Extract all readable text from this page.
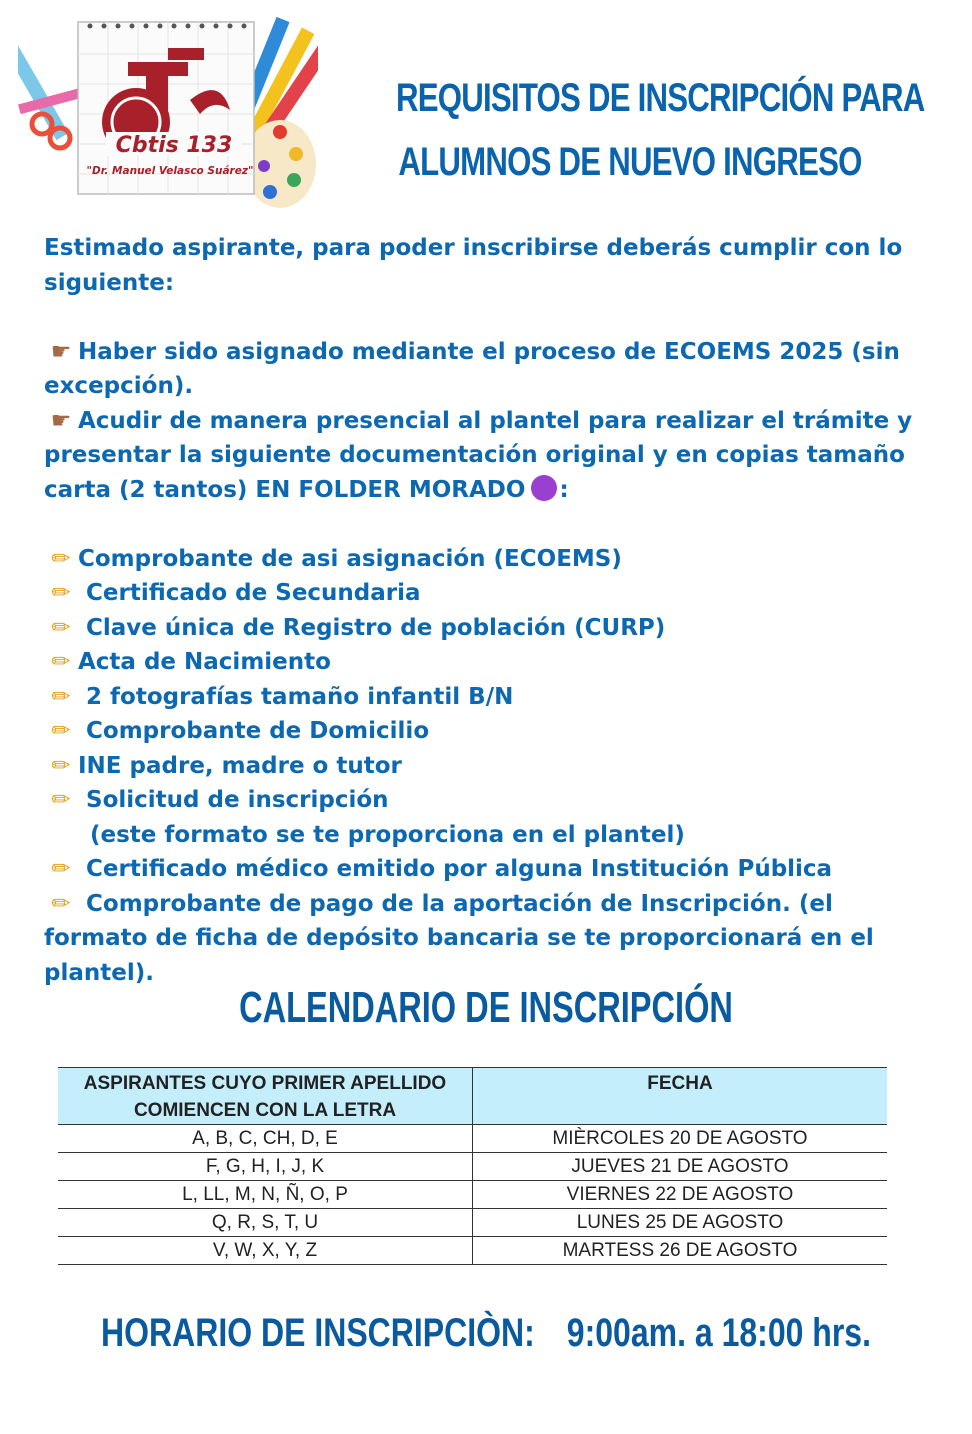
Cbtis 133
"Dr. Manuel Velasco Suárez"
REQUISITOS DE INSCRIPCIÓN PARA
ALUMNOS DE NUEVO INGRESO

Estimado aspirante, para poder inscribirse deberás cumplir con lo siguiente:

☛ Haber sido asignado mediante el proceso de ECOEMS 2025 (sin excepción).

☛ Acudir de manera presencial al plantel para realizar el trámite y presentar la siguiente documentación original y en copias tamaño carta (2 tantos) EN FOLDER MORADO :

✏ Comprobante de asi asignación (ECOEMS)

✏ Certificado de Secundaria

✏ Clave única de Registro de población (CURP)

✏ Acta de Nacimiento

✏ 2 fotografías tamaño infantil B/N

✏ Comprobante de Domicilio

✏ INE padre, madre o tutor

✏ Solicitud de inscripción

(este formato se te proporciona en el plantel)

✏ Certificado médico emitido por alguna Institución Pública

✏ Comprobante de pago de la aportación de Inscripción. (el formato de ficha de depósito bancaria se te proporcionará en el plantel).

CALENDARIO DE INSCRIPCIÓN
ASPIRANTES CUYO PRIMER APELLIDO COMIENCEN CON LA LETRA	FECHA
A, B, C, CH, D, E	MIÈRCOLES 20 DE AGOSTO
F, G, H, I, J, K	JUEVES 21 DE AGOSTO
L, LL, M, N, Ñ, O, P	VIERNES 22 DE AGOSTO
Q, R, S, T, U	LUNES 25 DE AGOSTO
V, W, X, Y, Z	MARTESS 26 DE AGOSTO
HORARIO DE INSCRIPCIÒN: 9:00am. a 18:00 hrs.
